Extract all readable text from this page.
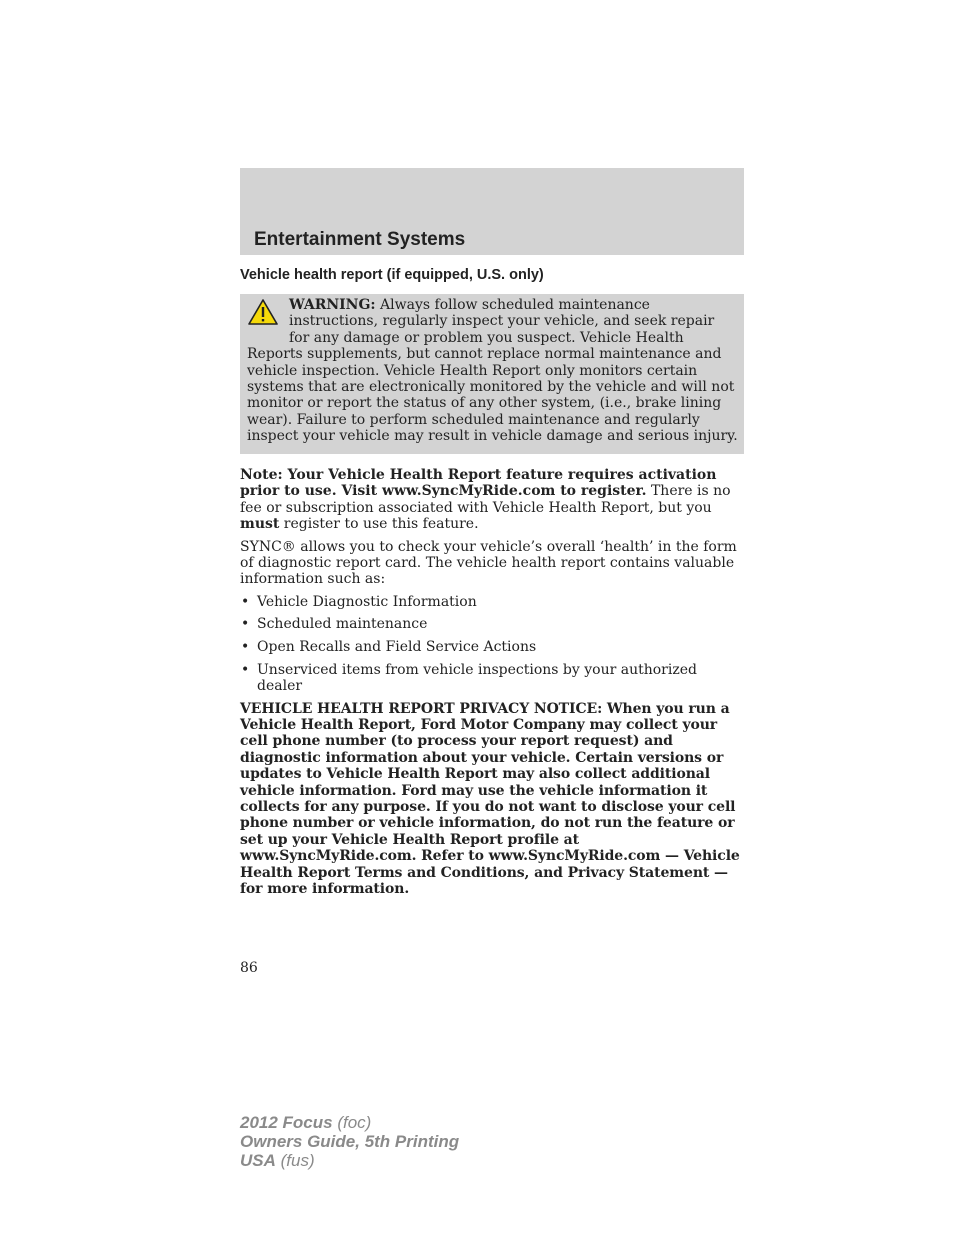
Entertainment Systems
Vehicle health report (if equipped, U.S. only)
WARNING: Always follow scheduled maintenance instructions, regularly inspect your vehicle, and seek repair for any damage or problem you suspect. Vehicle Health Reports supplements, but cannot replace normal maintenance and vehicle inspection. Vehicle Health Report only monitors certain systems that are electronically monitored by the vehicle and will not monitor or report the status of any other system, (i.e., brake lining wear). Failure to perform scheduled maintenance and regularly inspect your vehicle may result in vehicle damage and serious injury.

Note: Your Vehicle Health Report feature requires activation prior to use. Visit www.SyncMyRide.com to register. There is no fee or subscription associated with Vehicle Health Report, but you must register to use this feature.

SYNC® allows you to check your vehicle’s overall ‘health’ in the form of diagnostic report card. The vehicle health report contains valuable information such as:

• Vehicle Diagnostic Information
• Scheduled maintenance
• Open Recalls and Field Service Actions
• Unserviced items from vehicle inspections by your authorized dealer

VEHICLE HEALTH REPORT PRIVACY NOTICE: When you run a Vehicle Health Report, Ford Motor Company may collect your cell phone number (to process your report request) and diagnostic information about your vehicle. Certain versions or updates to Vehicle Health Report may also collect additional vehicle information. Ford may use the vehicle information it collects for any purpose. If you do not want to disclose your cell phone number or vehicle information, do not run the feature or set up your Vehicle Health Report profile at www.SyncMyRide.com. Refer to www.SyncMyRide.com — Vehicle Health Report Terms and Conditions, and Privacy Statement — for more information.

86
2012 Focus (foc)
Owners Guide, 5th Printing
USA (fus)
